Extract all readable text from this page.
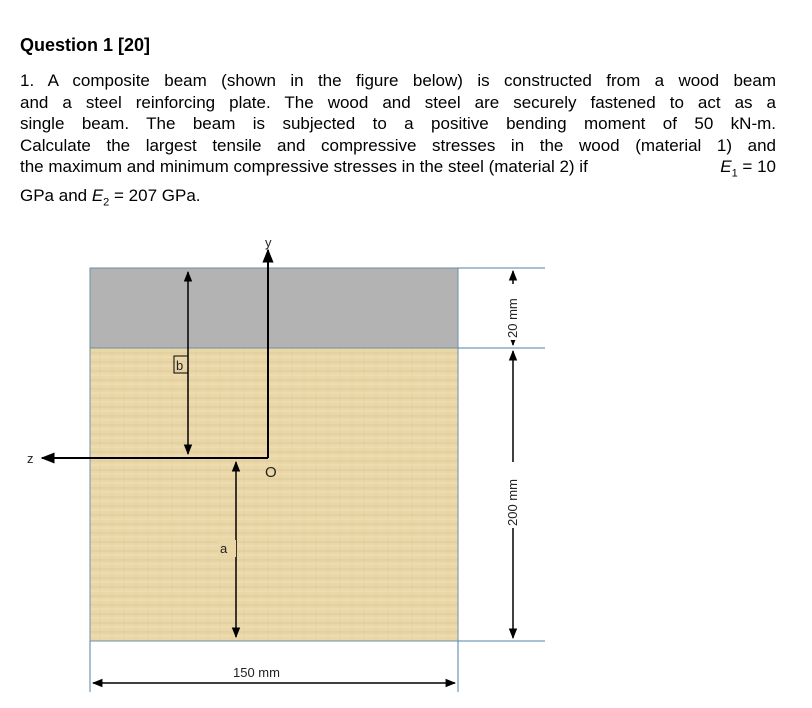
Question 1 [20]
1. A composite beam (shown in the figure below) is constructed from a wood beam
and a steel reinforcing plate. The wood and steel are securely fastened to act as a
single beam. The beam is subjected to a positive bending moment of 50 kN-m.
Calculate the largest tensile and compressive stresses in the wood (material 1) and
the maximum and minimum compressive stresses in the steel (material 2) if	$E_1 = 10$
GPa and $E_2 = 207$ GPa.
y
z
O
b
a
20 mm
200 mm
150 mm
